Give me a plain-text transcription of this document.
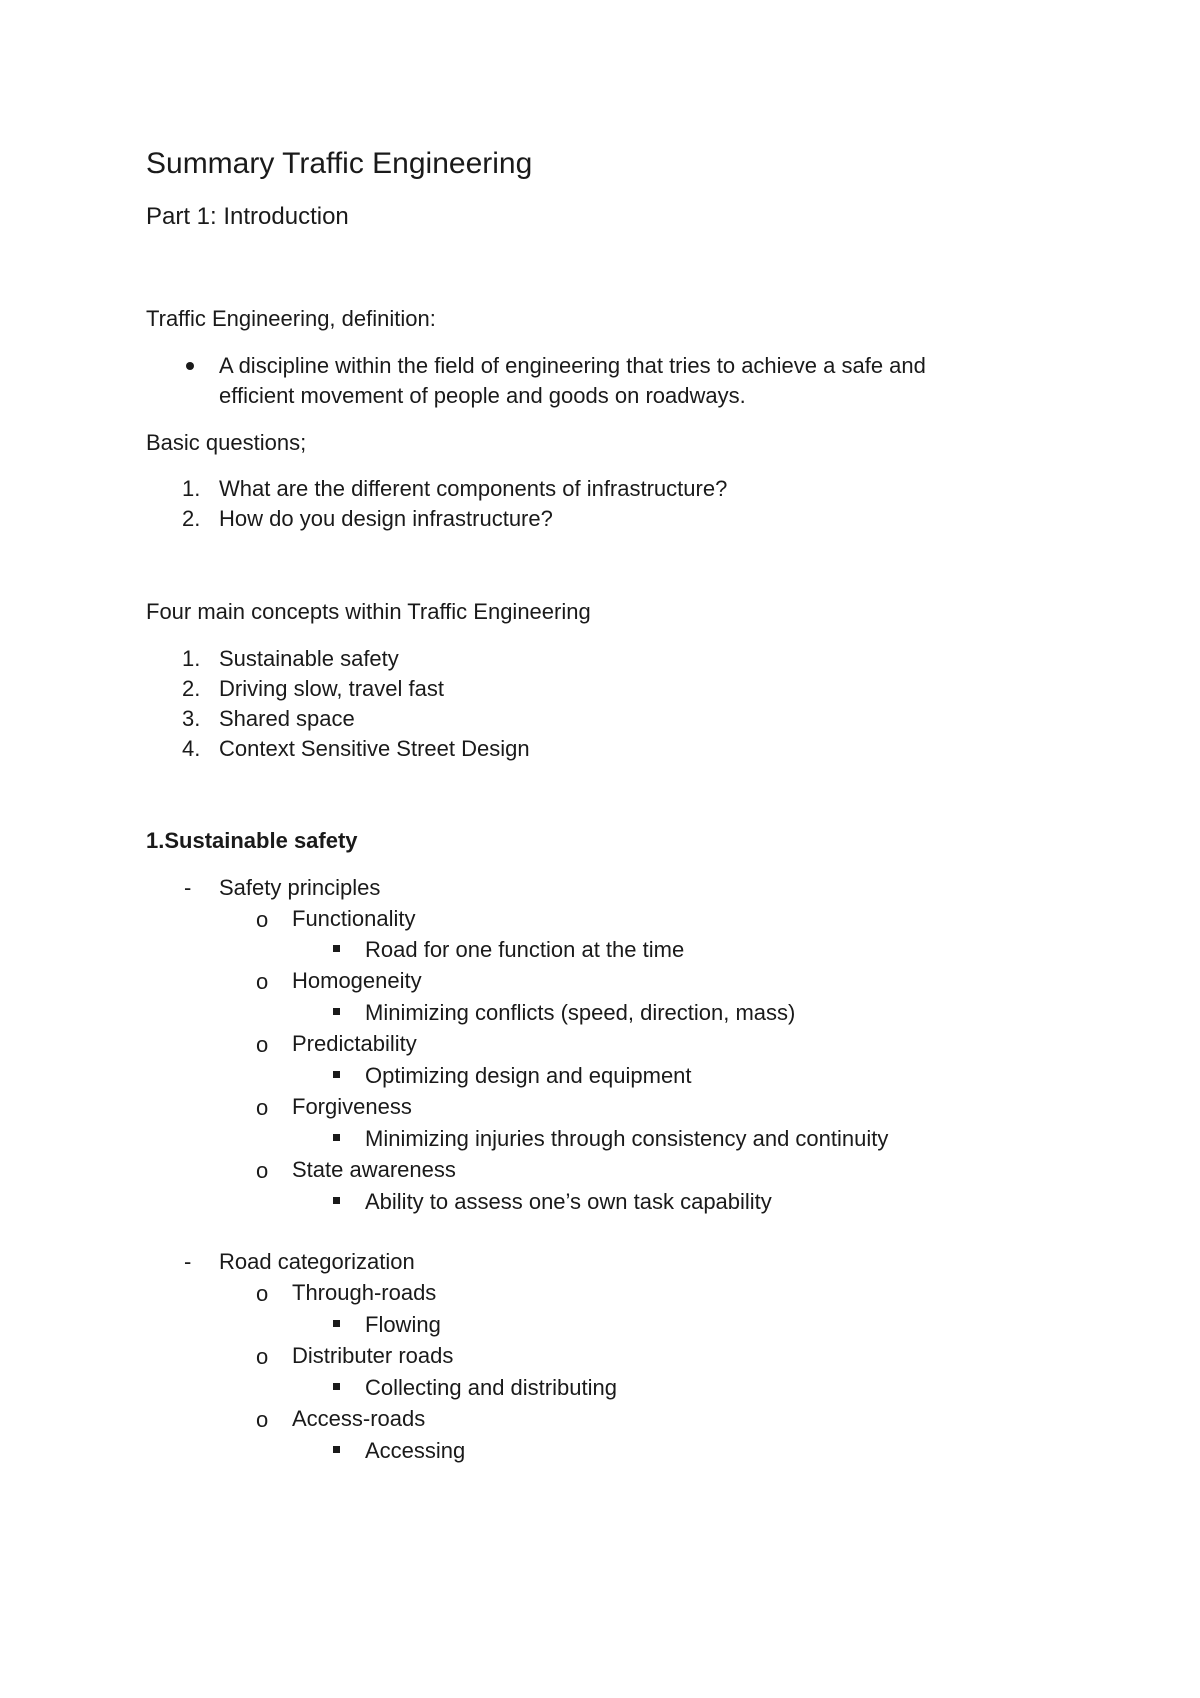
Summary Traffic Engineering
Part 1: Introduction
Traffic Engineering, definition:
A discipline within the field of engineering that tries to achieve a safe and
efficient movement of people and goods on roadways.
Basic questions;
1. What are the different components of infrastructure?
2. How do you design infrastructure?
Four main concepts within Traffic Engineering
1. Sustainable safety
2. Driving slow, travel fast
3. Shared space
4. Context Sensitive Street Design
1.Sustainable safety
- Safety principles
o Functionality
Road for one function at the time
o Homogeneity
Minimizing conflicts (speed, direction, mass)
o Predictability
Optimizing design and equipment
o Forgiveness
Minimizing injuries through consistency and continuity
o State awareness
Ability to assess one’s own task capability
- Road categorization
o Through-roads
Flowing
o Distributer roads
Collecting and distributing
o Access-roads
Accessing
